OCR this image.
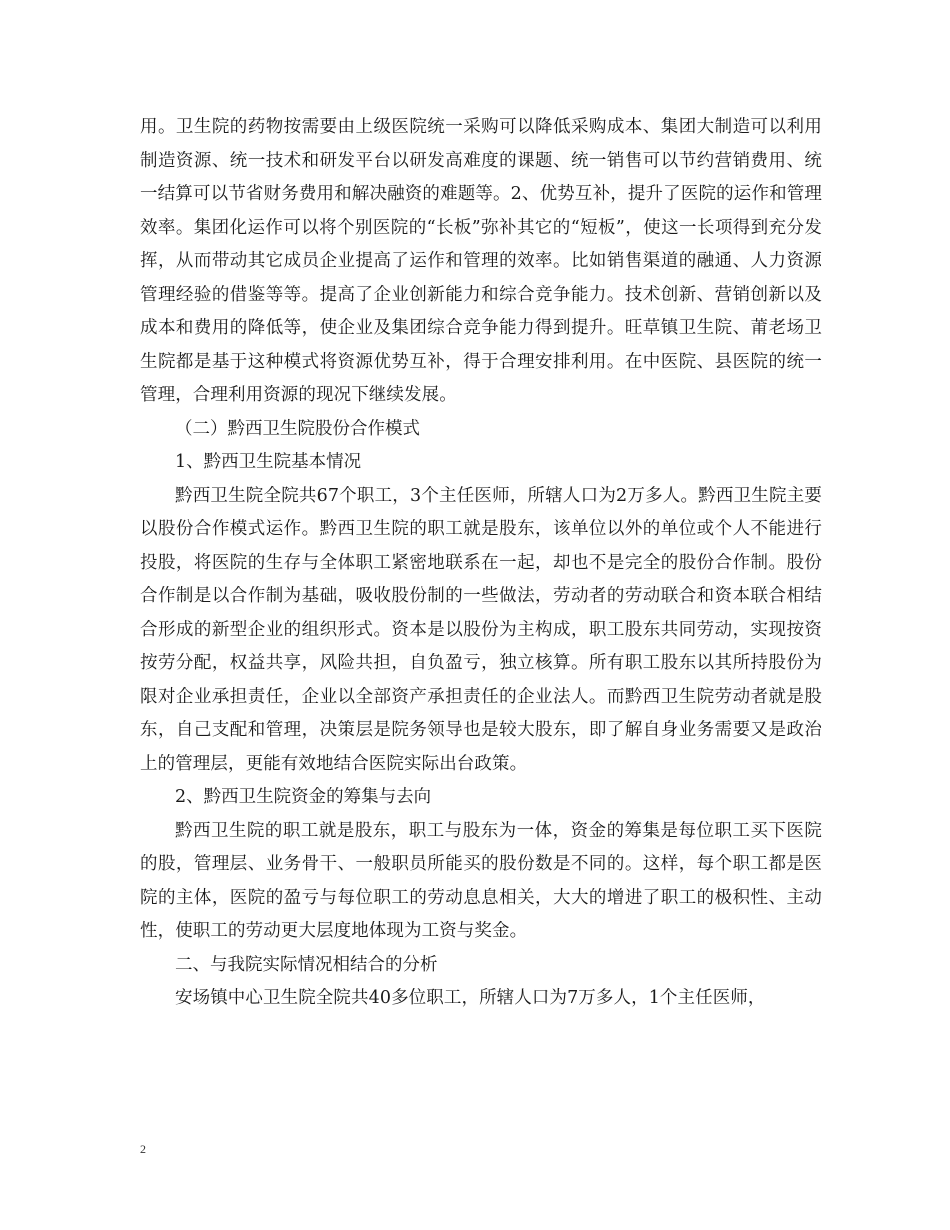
用。卫生院的药物按需要由上级医院统一采购可以降低采购成本、集团大制造可以利用制造资源、统一技术和研发平台以研发高难度的课题、统一销售可以节约营销费用、统一结算可以节省财务费用和解决融资的难题等。2、优势互补，提升了医院的运作和管理效率。集团化运作可以将个别医院的“长板”弥补其它的“短板”，使这一长项得到充分发挥，从而带动其它成员企业提高了运作和管理的效率。比如销售渠道的融通、人力资源管理经验的借鉴等等。提高了企业创新能力和综合竞争能力。技术创新、营销创新以及成本和费用的降低等，使企业及集团综合竞争能力得到提升。旺草镇卫生院、莆老场卫生院都是基于这种模式将资源优势互补，得于合理安排利用。在中医院、县医院的统一管理，合理利用资源的现况下继续发展。

（二）黔西卫生院股份合作模式

1、黔西卫生院基本情况

黔西卫生院全院共67个职工，3个主任医师，所辖人口为2万多人。黔西卫生院主要以股份合作模式运作。黔西卫生院的职工就是股东，该单位以外的单位或个人不能进行投股，将医院的生存与全体职工紧密地联系在一起，却也不是完全的股份合作制。股份合作制是以合作制为基础，吸收股份制的一些做法，劳动者的劳动联合和资本联合相结合形成的新型企业的组织形式。资本是以股份为主构成，职工股东共同劳动，实现按资按劳分配，权益共享，风险共担，自负盈亏，独立核算。所有职工股东以其所持股份为限对企业承担责任，企业以全部资产承担责任的企业法人。而黔西卫生院劳动者就是股东，自己支配和管理，决策层是院务领导也是较大股东，即了解自身业务需要又是政治上的管理层，更能有效地结合医院实际出台政策。

2、黔西卫生院资金的筹集与去向

黔西卫生院的职工就是股东，职工与股东为一体，资金的筹集是每位职工买下医院的股，管理层、业务骨干、一般职员所能买的股份数是不同的。这样，每个职工都是医院的主体，医院的盈亏与每位职工的劳动息息相关，大大的增进了职工的极积性、主动性，使职工的劳动更大层度地体现为工资与奖金。

二、与我院实际情况相结合的分析

安场镇中心卫生院全院共40多位职工，所辖人口为7万多人，1个主任医师，

2
